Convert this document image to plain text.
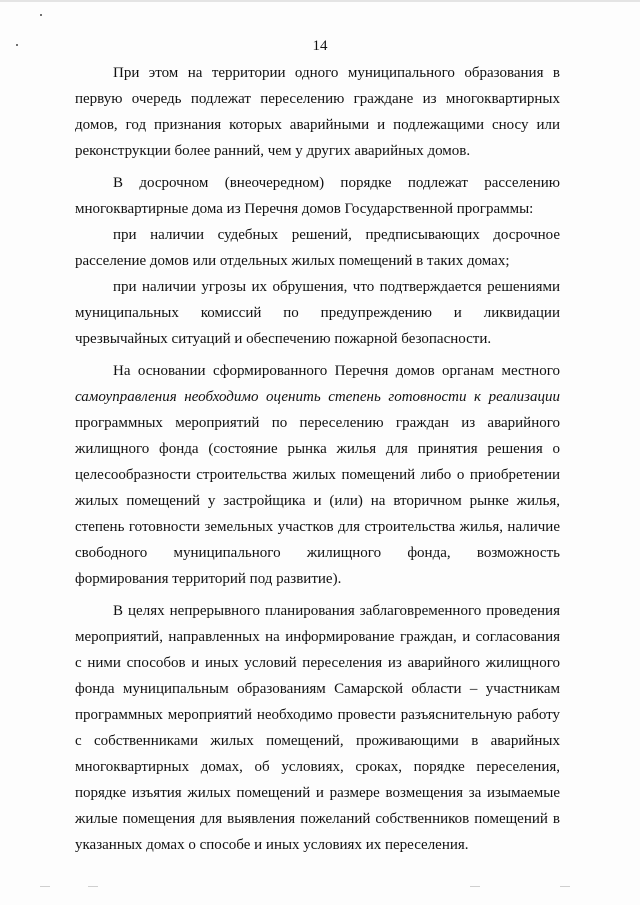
14
При этом на территории одного муниципального образования в
первую очередь подлежат переселению граждане из многоквартирных
домов, год признания которых аварийными и подлежащими сносу или
реконструкции более ранний, чем у других аварийных домов.
В досрочном (внеочередном) порядке подлежат расселению
многоквартирные дома из Перечня домов Государственной программы:
при наличии судебных решений, предписывающих досрочное
расселение домов или отдельных жилых помещений в таких домах;
при наличии угрозы их обрушения, что подтверждается решениями
муниципальных комиссий по предупреждению и ликвидации
чрезвычайных ситуаций и обеспечению пожарной безопасности.
На основании сформированного Перечня домов органам местного
самоуправления необходимо оценить степень готовности к реализации
программных мероприятий по переселению граждан из аварийного
жилищного фонда (состояние рынка жилья для принятия решения о
целесообразности строительства жилых помещений либо о приобретении
жилых помещений у застройщика и (или) на вторичном рынке жилья,
степень готовности земельных участков для строительства жилья, наличие
свободного муниципального жилищного фонда, возможность
формирования территорий под развитие).
В целях непрерывного планирования заблаговременного проведения
мероприятий, направленных на информирование граждан, и согласования
с ними способов и иных условий переселения из аварийного жилищного
фонда муниципальным образованиям Самарской области – участникам
программных мероприятий необходимо провести разъяснительную работу
с собственниками жилых помещений, проживающими в аварийных
многоквартирных домах, об условиях, сроках, порядке переселения,
порядке изъятия жилых помещений и размере возмещения за изымаемые
жилые помещения для выявления пожеланий собственников помещений в
указанных домах о способе и иных условиях их переселения.
